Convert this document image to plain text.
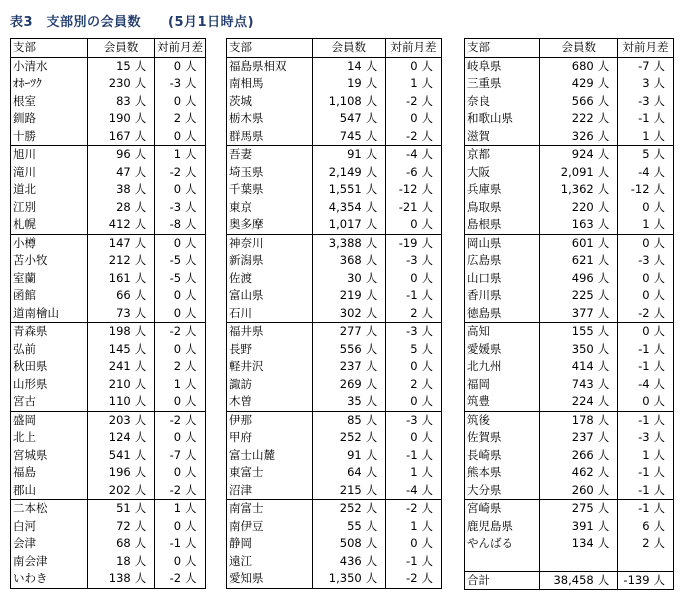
表3　支部別の会員数　　(5月1日時点)
支部	会員数		対前月差	
小清水	15	人	0	人
ｵﾎｰﾂｸ	230	人	-3	人
根室	83	人	0	人
釧路	190	人	2	人
十勝	167	人	0	人
旭川	96	人	1	人
滝川	47	人	-2	人
道北	38	人	0	人
江別	28	人	-3	人
札幌	412	人	-8	人
小樽	147	人	0	人
苫小牧	212	人	-5	人
室蘭	161	人	-5	人
函館	66	人	0	人
道南檜山	73	人	0	人
青森県	198	人	-2	人
弘前	145	人	0	人
秋田県	241	人	2	人
山形県	210	人	1	人
宮古	110	人	0	人
盛岡	203	人	-2	人
北上	124	人	0	人
宮城県	541	人	-7	人
福島	196	人	0	人
郡山	202	人	-2	人
二本松	51	人	1	人
白河	72	人	0	人
会津	68	人	-1	人
南会津	18	人	0	人
いわき	138	人	-2	人
支部	会員数		対前月差	
福島県相双	14	人	0	人
南相馬	19	人	1	人
茨城	1,108	人	-2	人
栃木県	547	人	0	人
群馬県	745	人	-2	人
吾妻	91	人	-4	人
埼玉県	2,149	人	-6	人
千葉県	1,551	人	-12	人
東京	4,354	人	-21	人
奥多摩	1,017	人	0	人
神奈川	3,388	人	-19	人
新潟県	368	人	-3	人
佐渡	30	人	0	人
富山県	219	人	-1	人
石川	302	人	2	人
福井県	277	人	-3	人
長野	556	人	5	人
軽井沢	237	人	0	人
諏訪	269	人	2	人
木曽	35	人	0	人
伊那	85	人	-3	人
甲府	252	人	0	人
富士山麓	91	人	-1	人
東富士	64	人	1	人
沼津	215	人	-4	人
南富士	252	人	-2	人
南伊豆	55	人	1	人
静岡	508	人	0	人
遠江	436	人	-1	人
愛知県	1,350	人	-2	人
支部	会員数		対前月差	
岐阜県	680	人	-7	人
三重県	429	人	3	人
奈良	566	人	-3	人
和歌山県	222	人	-1	人
滋賀	326	人	1	人
京都	924	人	5	人
大阪	2,091	人	-4	人
兵庫県	1,362	人	-12	人
鳥取県	220	人	0	人
島根県	163	人	1	人
岡山県	601	人	0	人
広島県	621	人	-3	人
山口県	496	人	0	人
香川県	225	人	0	人
徳島県	377	人	-2	人
高知	155	人	0	人
愛媛県	350	人	-1	人
北九州	414	人	-1	人
福岡	743	人	-4	人
筑豊	224	人	0	人
筑後	178	人	-1	人
佐賀県	237	人	-3	人
長崎県	266	人	1	人
熊本県	462	人	-1	人
大分県	260	人	-1	人
宮崎県	275	人	-1	人
鹿児島県	391	人	6	人
やんばる	134	人	2	人

合計	38,458	人	-139	人
